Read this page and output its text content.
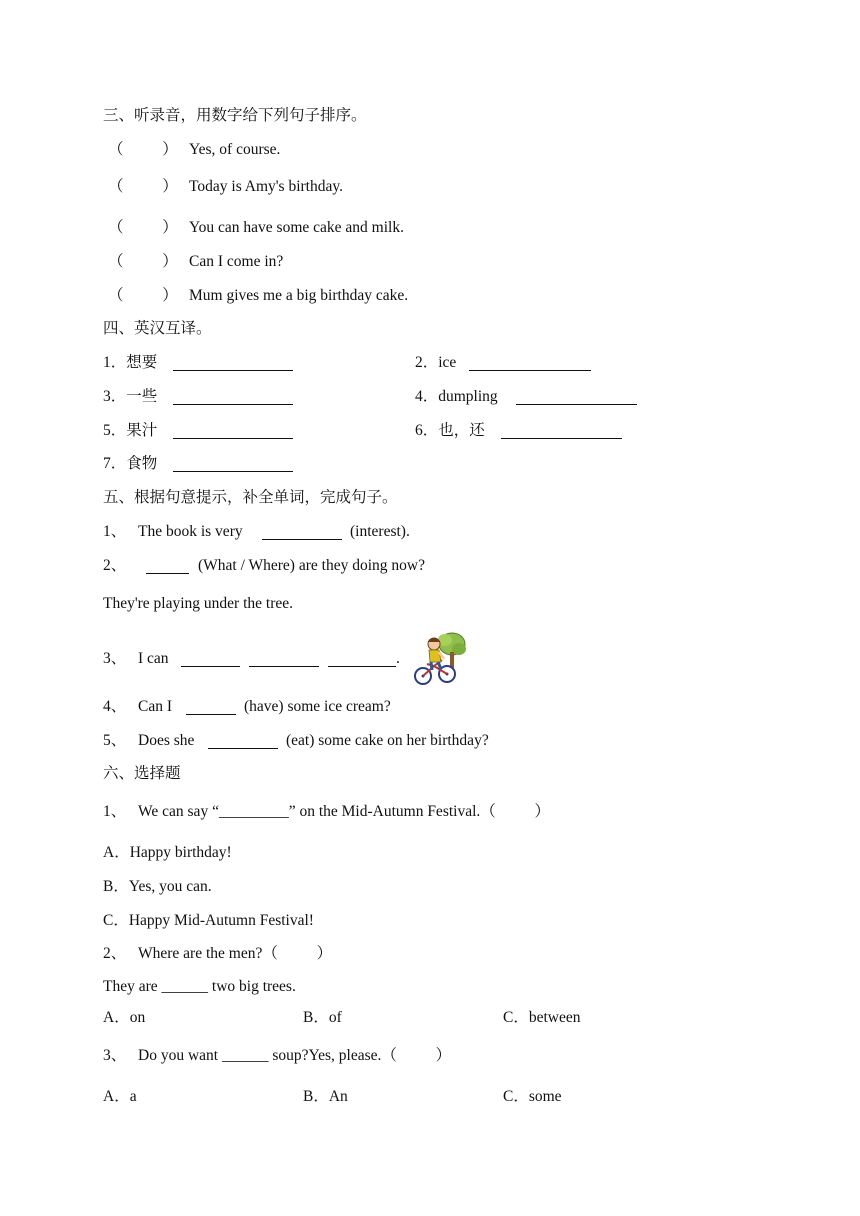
三、听录音，用数字给下列句子排序。
（          ） Yes, of course.
（          ） Today is Amy's birthday.
（          ） You can have some cake and milk.
（          ） Can I come in?
（          ） Mum gives me a big birthday cake.
四、英汉互译。
1．想要	2．ice
3．一些	4．dumpling
5．果汁	6．也，还
7．食物
五、根据句意提示，补全单词，完成句子。
1、 The book is very	(interest).
2、	(What / Where) are they doing now?
They're playing under the tree.
3、 I can	.
4、 Can I	(have) some ice cream?
5、 Does she	(eat) some cake on her birthday?
六、选择题
1、 We can say “_________” on the Mid-Autumn Festival.（          ）
A．Happy birthday!
B．Yes, you can.
C．Happy Mid-Autumn Festival!
2、 Where are the men?（          ）
They are ______ two big trees.
A．on	B．of	C．between
3、 Do you want ______ soup?Yes, please.（          ）
A．a	B．An	C．some
